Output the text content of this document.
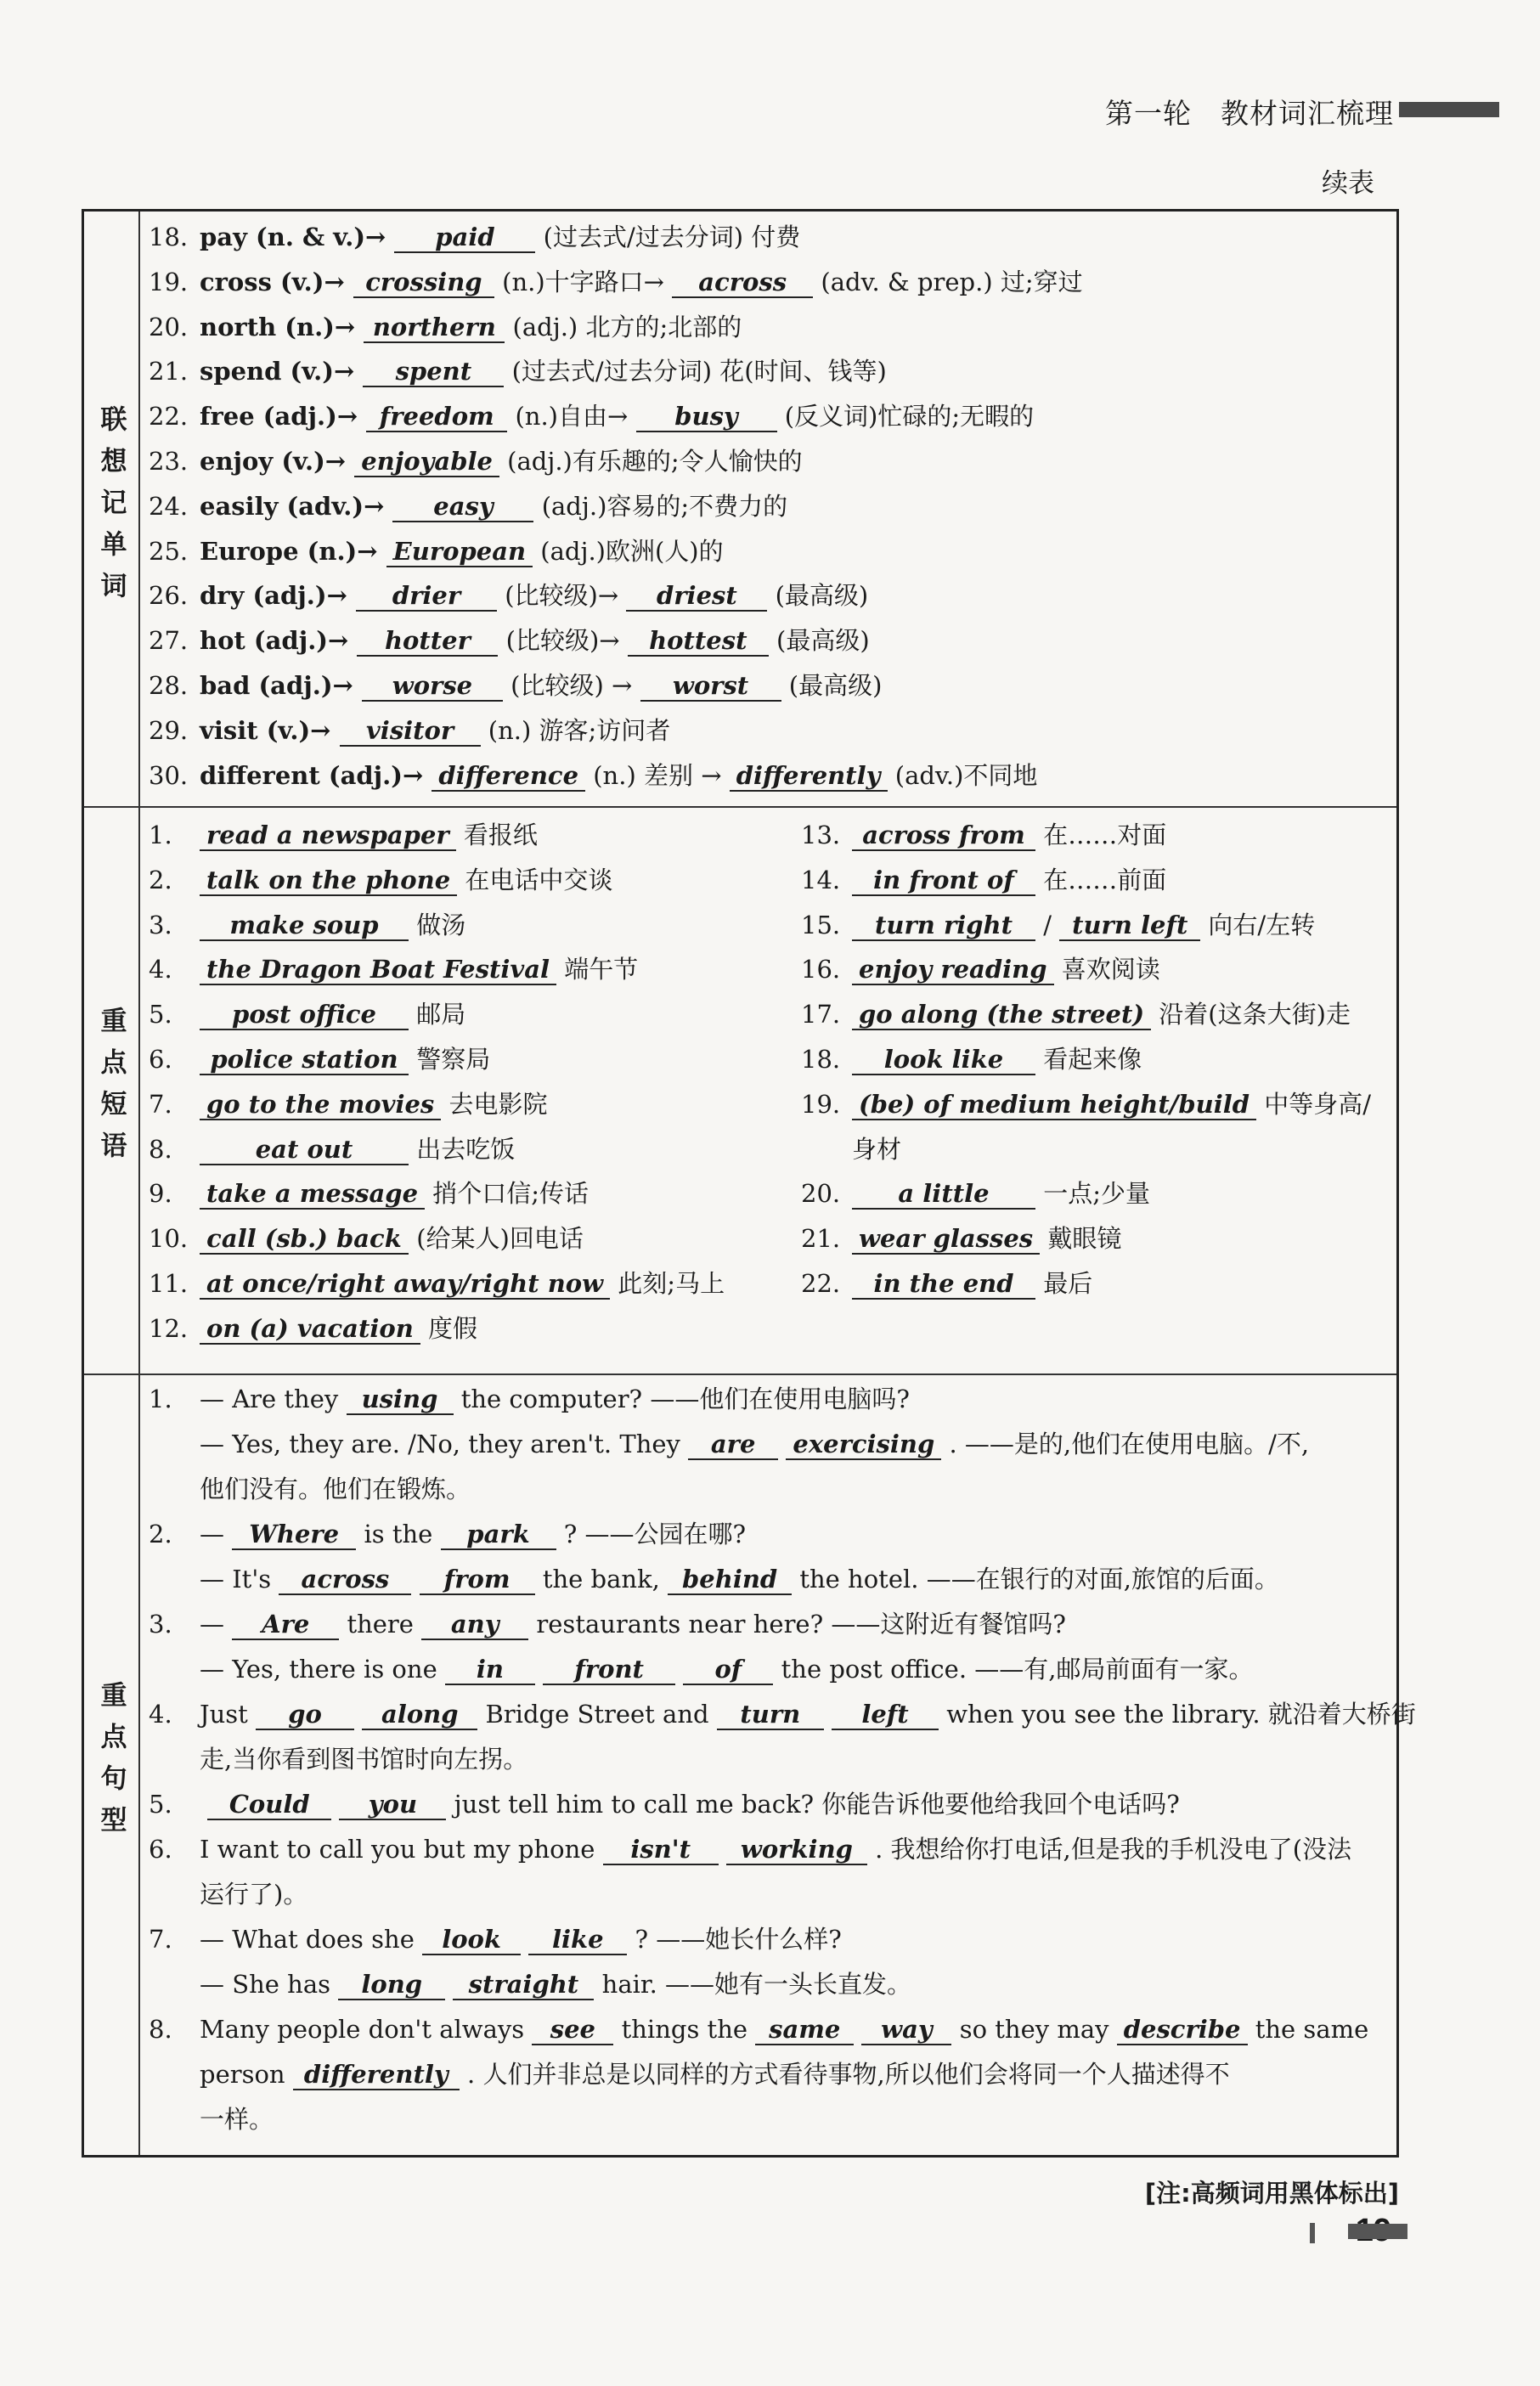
第一轮　教材词汇梳理
续表
联想记单词
18. pay (n. & v.)→ paid (过去式/过去分词) 付费
19. cross (v.)→ crossing (n.)十字路口→ across (adv. & prep.) 过;穿过
20. north (n.)→ northern (adj.) 北方的;北部的
21. spend (v.)→ spent (过去式/过去分词) 花(时间、钱等)
22. free (adj.)→ freedom (n.)自由→ busy (反义词)忙碌的;无暇的
23. enjoy (v.)→ enjoyable (adj.)有乐趣的;令人愉快的
24. easily (adv.)→ easy (adj.)容易的;不费力的
25. Europe (n.)→ European (adj.)欧洲(人)的
26. dry (adj.)→ drier (比较级)→ driest (最高级)
27. hot (adj.)→ hotter (比较级)→ hottest (最高级)
28. bad (adj.)→ worse (比较级) → worst (最高级)
29. visit (v.)→ visitor (n.) 游客;访问者
30. different (adj.)→ difference (n.) 差别 → differently (adv.)不同地
重点短语
1. read a newspaper 看报纸
2. talk on the phone 在电话中交谈
3. make soup 做汤
4. the Dragon Boat Festival 端午节
5. post office 邮局
6. police station 警察局
7. go to the movies 去电影院
8.	eat out 出去吃饭
9. take a message 捎个口信;传话
10. call (sb.) back (给某人)回电话
11. at once/right away/right now 此刻;马上
12. on (a) vacation 度假
13. across from 在……对面
14. in front of 在……前面
15. turn right / turn left 向右/左转
16. enjoy reading 喜欢阅读
17. go along (the street) 沿着(这条大街)走
18. look like 看起来像
19. (be) of medium height/build 中等身高/
身材
20. a little 一点;少量
21. wear glasses 戴眼镜
22. in the end 最后
重点句型
1. — Are they using the computer? ——他们在使用电脑吗?
— Yes, they are. /No, they aren't. They are exercising . ——是的,他们在使用电脑。/不,
他们没有。他们在锻炼。
2. — Where is the park ? ——公园在哪?
— It's across from the bank, behind the hotel. ——在银行的对面,旅馆的后面。
3. — Are there any restaurants near here? ——这附近有餐馆吗?
— Yes, there is one in	front	of the post office. ——有,邮局前面有一家。
4. Just go along Bridge Street and turn left when you see the library. 就沿着大桥街
走,当你看到图书馆时向左拐。
5. Could you just tell him to call me back? 你能告诉他要他给我回个电话吗?
6. I want to call you but my phone isn't working . 我想给你打电话,但是我的手机没电了(没法
运行了)。
7. — What does she look like ? ——她长什么样?
— She has long straight hair. ——她有一头长直发。
8. Many people don't always see things the same way so they may describe the same
person differently . 人们并非总是以同样的方式看待事物,所以他们会将同一个人描述得不
一样。
[注:高频词用黑体标出]
